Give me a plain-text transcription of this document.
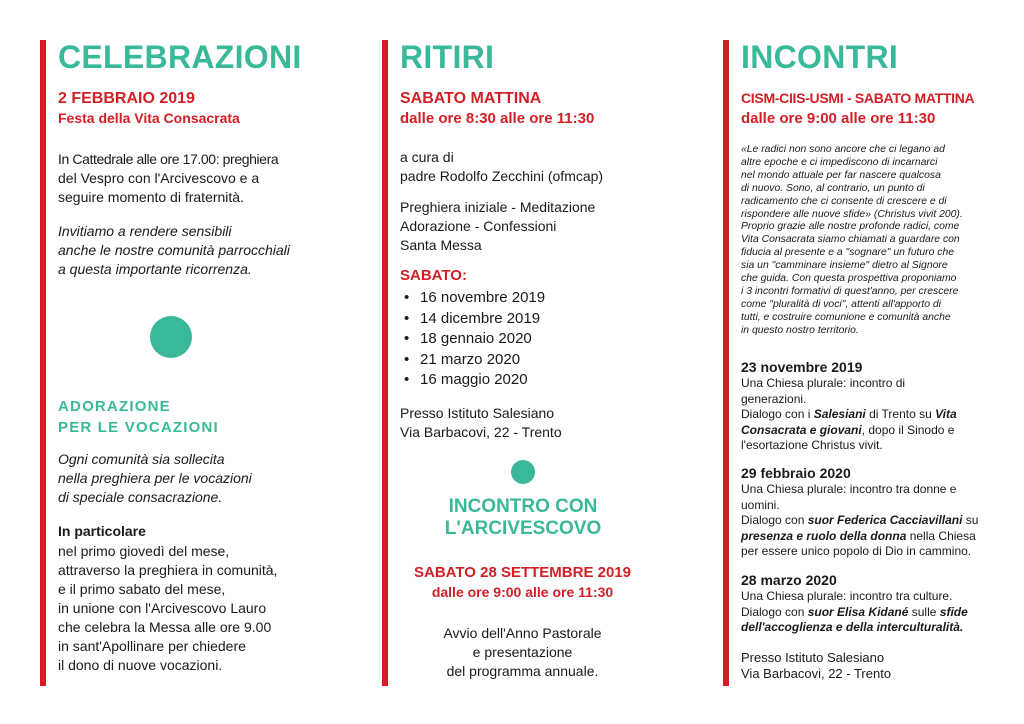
CELEBRAZIONI
2 FEBBRAIO 2019
Festa della Vita Consacrata
In Cattedrale alle ore 17.00: preghiera
del Vespro con l'Arcivescovo e a
seguire momento di fraternità.
Invitiamo a rendere sensibili
anche le nostre comunità parrocchiali
a questa importante ricorrenza.
ADORAZIONE
PER LE VOCAZIONI
Ogni comunità sia sollecita
nella preghiera per le vocazioni
di speciale consacrazione.
In particolare
nel primo giovedì del mese,
attraverso la preghiera in comunità,
e il primo sabato del mese,
in unione con l'Arcivescovo Lauro
che celebra la Messa alle ore 9.00
in sant'Apollinare per chiedere
il dono di nuove vocazioni.
RITIRI
SABATO MATTINA
dalle ore 8:30 alle ore 11:30
a cura di
padre Rodolfo Zecchini (ofmcap)
Preghiera iniziale - Meditazione
Adorazione - Confessioni
Santa Messa
SABATO:
• 16 novembre 2019
• 14 dicembre 2019
• 18 gennaio 2020
• 21 marzo 2020
• 16 maggio 2020
Presso Istituto Salesiano
Via Barbacovi, 22 - Trento
INCONTRO CON
L'ARCIVESCOVO
SABATO 28 SETTEMBRE 2019
dalle ore 9:00 alle ore 11:30
Avvio dell'Anno Pastorale
e presentazione
del programma annuale.
INCONTRI
CISM-CIIS-USMI - SABATO MATTINA
dalle ore 9:00 alle ore 11:30
«Le radici non sono ancore che ci legano ad
altre epoche e ci impediscono di incarnarci
nel mondo attuale per far nascere qualcosa
di nuovo. Sono, al contrario, un punto di
radicamento che ci consente di crescere e di
rispondere alle nuove sfide» (Christus vivit 200).
Proprio grazie alle nostre profonde radici, come
Vita Consacrata siamo chiamati a guardare con
fiducia al presente e a "sognare" un futuro che
sia un "camminare insieme" dietro al Signore
che guida. Con questa prospettiva proponiamo
i 3 incontri formativi di quest'anno, per crescere
come "pluralità di voci", attenti all'apporto di
tutti, e costruire comunione e comunità anche
in questo nostro territorio.
23 novembre 2019
Una Chiesa plurale: incontro di
generazioni.
Dialogo con i Salesiani di Trento su Vita
Consacrata e giovani, dopo il Sinodo e
l'esortazione Christus vivit.
29 febbraio 2020
Una Chiesa plurale: incontro tra donne e
uomini.
Dialogo con suor Federica Cacciavillani su
presenza e ruolo della donna nella Chiesa
per essere unico popolo di Dio in cammino.
28 marzo 2020
Una Chiesa plurale: incontro tra culture.
Dialogo con suor Elisa Kidané sulle sfide
dell'accoglienza e della interculturalità.
Presso Istituto Salesiano
Via Barbacovi, 22 - Trento
